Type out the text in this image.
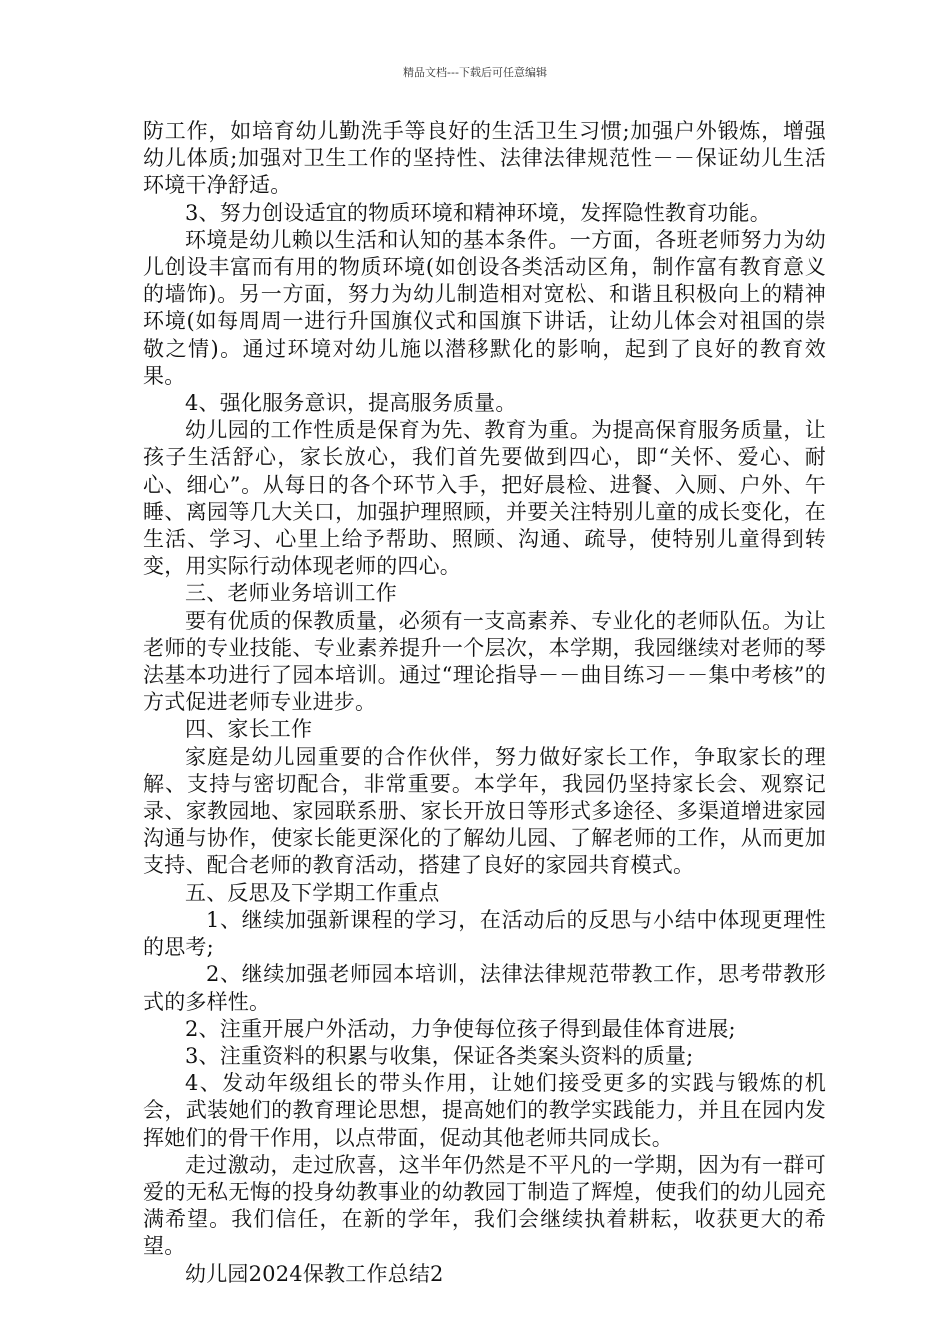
精品文档---下载后可任意编辑

防工作，如培育幼儿勤洗手等良好的生活卫生习惯;加强户外锻炼，增强幼儿体质;加强对卫生工作的坚持性、法律法律规范性－－保证幼儿生活环境干净舒适。

3、努力创设适宜的物质环境和精神环境，发挥隐性教育功能。

环境是幼儿赖以生活和认知的基本条件。一方面，各班老师努力为幼儿创设丰富而有用的物质环境(如创设各类活动区角，制作富有教育意义的墙饰)。另一方面，努力为幼儿制造相对宽松、和谐且积极向上的精神环境(如每周周一进行升国旗仪式和国旗下讲话，让幼儿体会对祖国的崇敬之情)。通过环境对幼儿施以潜移默化的影响，起到了良好的教育效果。

4、强化服务意识，提高服务质量。

幼儿园的工作性质是保育为先、教育为重。为提高保育服务质量，让孩子生活舒心，家长放心，我们首先要做到四心，即“关怀、爱心、耐心、细心”。从每日的各个环节入手，把好晨检、进餐、入厕、户外、午睡、离园等几大关口，加强护理照顾，并要关注特别儿童的成长变化，在生活、学习、心里上给予帮助、照顾、沟通、疏导，使特别儿童得到转变，用实际行动体现老师的四心。

三、老师业务培训工作

要有优质的保教质量，必须有一支高素养、专业化的老师队伍。为让老师的专业技能、专业素养提升一个层次，本学期，我园继续对老师的琴法基本功进行了园本培训。通过“理论指导－－曲目练习－－集中考核”的方式促进老师专业进步。

四、家长工作

家庭是幼儿园重要的合作伙伴，努力做好家长工作，争取家长的理解、支持与密切配合，非常重要。本学年，我园仍坚持家长会、观察记录、家教园地、家园联系册、家长开放日等形式多途径、多渠道增进家园沟通与协作，使家长能更深化的了解幼儿园、了解老师的工作，从而更加支持、配合老师的教育活动，搭建了良好的家园共育模式。

五、反思及下学期工作重点

1、继续加强新课程的学习，在活动后的反思与小结中体现更理性的思考;

2、继续加强老师园本培训，法律法律规范带教工作，思考带教形式的多样性。

2、注重开展户外活动，力争使每位孩子得到最佳体育进展;

3、注重资料的积累与收集，保证各类案头资料的质量;

4、发动年级组长的带头作用，让她们接受更多的实践与锻炼的机会，武装她们的教育理论思想，提高她们的教学实践能力，并且在园内发挥她们的骨干作用，以点带面，促动其他老师共同成长。

走过激动，走过欣喜，这半年仍然是不平凡的一学期，因为有一群可爱的无私无悔的投身幼教事业的幼教园丁制造了辉煌，使我们的幼儿园充满希望。我们信任，在新的学年，我们会继续执着耕耘，收获更大的希望。

幼儿园2024保教工作总结2
